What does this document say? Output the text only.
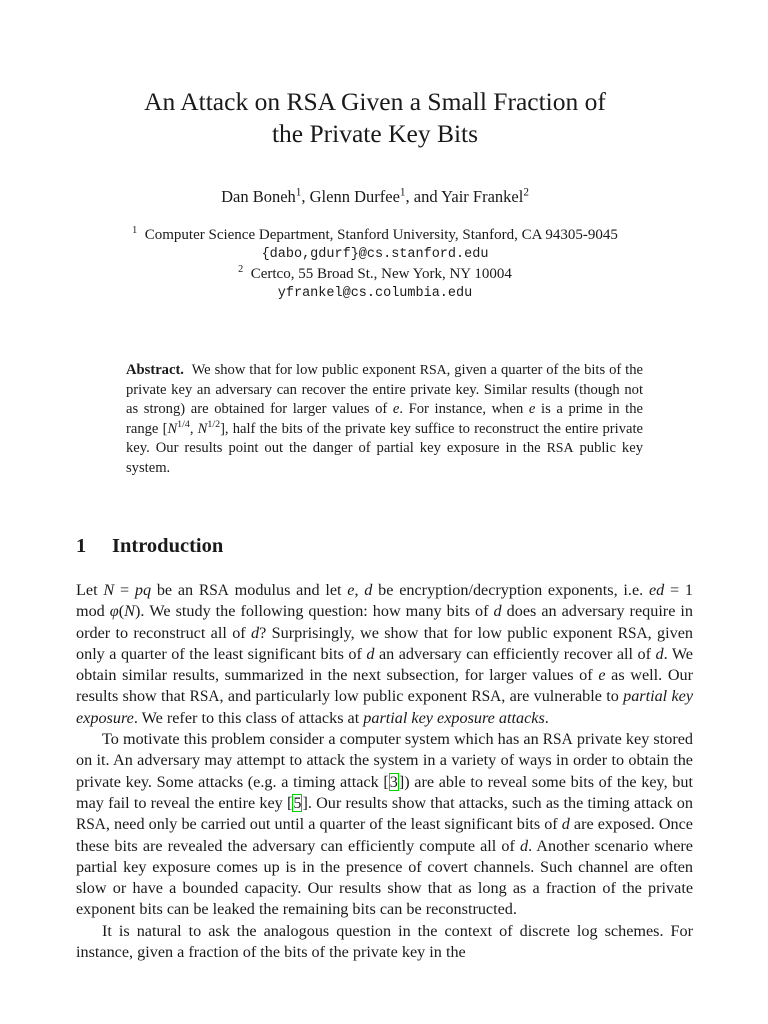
An Attack on RSA Given a Small Fraction of
the Private Key Bits
Dan Boneh$^1$, Glenn Durfee$^1$, and Yair Frankel$^2$
$^1$ Computer Science Department, Stanford University, Stanford, CA 94305-9045
{dabo,gdurf}@cs.stanford.edu
$^2$ Certco, 55 Broad St., New York, NY 10004
yfrankel@cs.columbia.edu
Abstract. We show that for low public exponent RSA, given a quarter of the bits of the private key an adversary can recover the entire private key. Similar results (though not as strong) are obtained for larger values of e. For instance, when e is a prime in the range [$N^{1/4}$, $N^{1/2}$], half the bits of the private key suffice to reconstruct the entire private key. Our results point out the danger of partial key exposure in the RSA public key system.
1 Introduction

Let N = pq be an RSA modulus and let e, d be encryption/decryption exponents, i.e. ed = 1 mod φ(N). We study the following question: how many bits of d does an adversary require in order to reconstruct all of d? Surprisingly, we show that for low public exponent RSA, given only a quarter of the least significant bits of d an adversary can efficiently recover all of d. We obtain similar results, summarized in the next subsection, for larger values of e as well. Our results show that RSA, and particularly low public exponent RSA, are vulnerable to partial key exposure. We refer to this class of attacks at partial key exposure attacks.

To motivate this problem consider a computer system which has an RSA private key stored on it. An adversary may attempt to attack the system in a variety of ways in order to obtain the private key. Some attacks (e.g. a timing attack [3]) are able to reveal some bits of the key, but may fail to reveal the entire key [5]. Our results show that attacks, such as the timing attack on RSA, need only be carried out until a quarter of the least significant bits of d are exposed. Once these bits are revealed the adversary can efficiently compute all of d. Another scenario where partial key exposure comes up is in the presence of covert channels. Such channel are often slow or have a bounded capacity. Our results show that as long as a fraction of the private exponent bits can be leaked the remaining bits can be reconstructed.

It is natural to ask the analogous question in the context of discrete log schemes. For instance, given a fraction of the bits of the private key in the
